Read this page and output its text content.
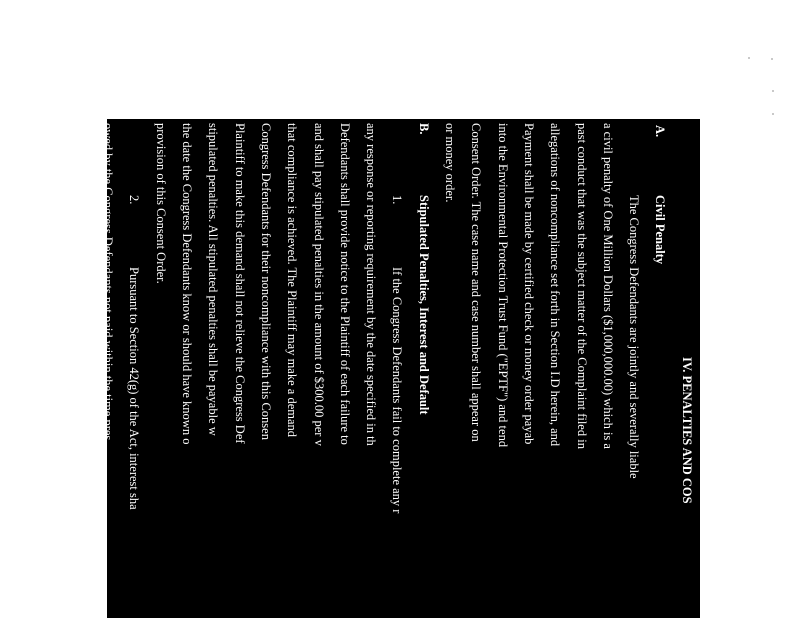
IV. PENALTIES AND COS
A.
Civil Penalty
The Congress Defendants are jointly and severally liable
a civil penalty of One Million Dollars ($1,000,000.00) which is a
past conduct that was the subject matter of the Complaint filed in
allegations of noncompliance set forth in Section I.D herein, and
Payment shall be made by certified check or money order payab
into the Environmental Protection Trust Fund ("EPTF") and tend
Consent Order. The case name and case number shall appear on
or money order.
B.
Stipulated Penalties, Interest and Default
1.
If the Congress Defendants fail to complete any r
any response or reporting requirement by the date specified in th
Defendants shall provide notice to the Plaintiff of each failure to
and shall pay stipulated penalties in the amount of $300.00 per v
that compliance is achieved. The Plaintiff may make a demand
Congress Defendants for their noncompliance with this Consen
Plaintiff to make this demand shall not relieve the Congress Def
stipulated penalties. All stipulated penalties shall be payable w
the date the Congress Defendants know or should have known o
provision of this Consent Order.
2.
Pursuant to Section 42(g) of the Act, interest sha
owed by the Congress Defendants not paid within the time pres
